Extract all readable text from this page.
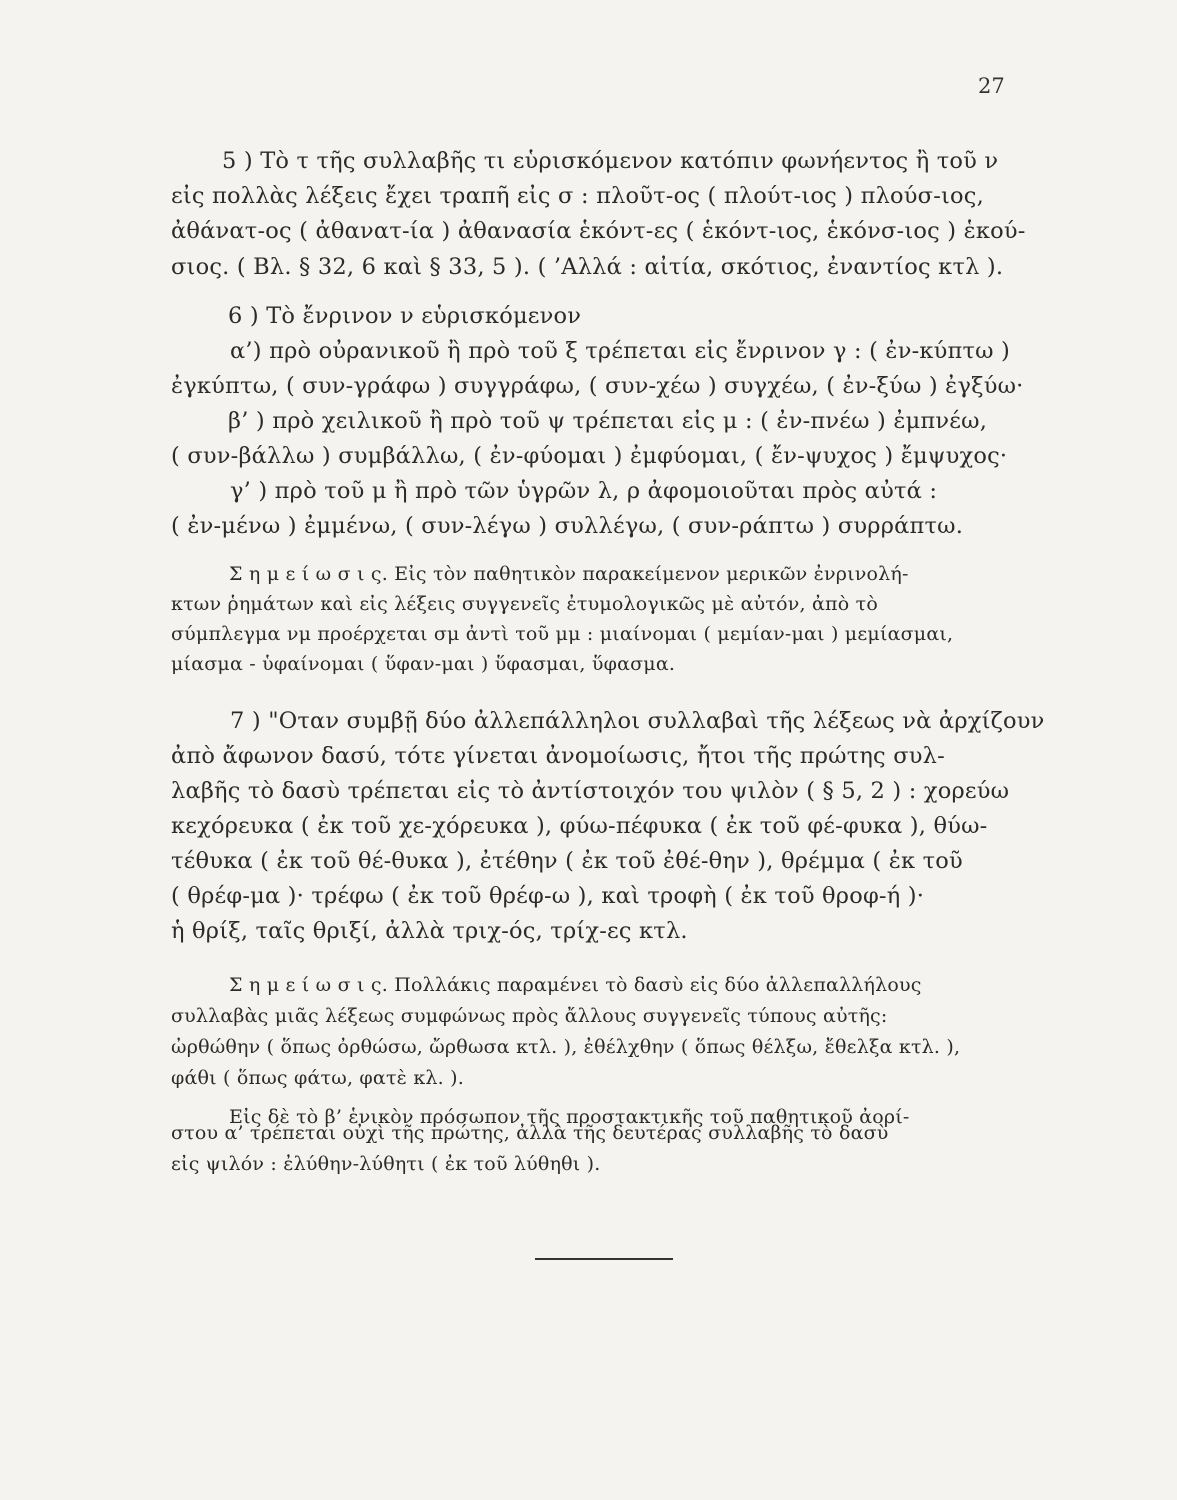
27
5 ) Τὸ τ τῆς συλλαβῆς τι εὑρισκόμενον κατόπιν φωνήεντος ἢ τοῦ ν
εἰς πολλὰς λέξεις ἔχει τραπῆ εἰς σ : πλοῦτ-ος ( πλούτ-ιος ) πλούσ-ιος,
ἀθάνατ-ος ( ἀθανατ-ία ) ἀθανασία ἑκόντ-ες ( ἑκόντ-ιος, ἑκόνσ-ιος ) ἑκού-
σιος. ( Βλ. § 32, 6 καὶ § 33, 5 ). ( ’Αλλά : αἰτία, σκότιος, ἐναντίος κτλ ).
6 ) Τὸ ἔνρινον ν εὑρισκόμενον
α’) πρὸ οὐρανικοῦ ἢ πρὸ τοῦ ξ τρέπεται εἰς ἔνρινον γ : ( ἐν-κύπτω )
ἐγκύπτω, ( συν-γράφω ) συγγράφω, ( συν-χέω ) συγχέω, ( ἐν-ξύω ) ἐγξύω·
β’ ) πρὸ χειλικοῦ ἢ πρὸ τοῦ ψ τρέπεται εἰς μ : ( ἐν-πνέω ) ἐμπνέω,
( συν-βάλλω ) συμβάλλω, ( ἐν-φύομαι ) ἐμφύομαι, ( ἔν-ψυχος ) ἔμψυχος·
γ’ ) πρὸ τοῦ μ ἢ πρὸ τῶν ὑγρῶν λ, ρ ἀφομοιοῦται πρὸς αὐτά :
( ἐν-μένω ) ἐμμένω, ( συν-λέγω ) συλλέγω, ( συν-ράπτω ) συρράπτω.
Σ η μ ε ί ω σ ι ς. Εἰς τὸν παθητικὸν παρακείμενον μερικῶν ἐνρινολή-
κτων ῥημάτων καὶ εἰς λέξεις συγγενεῖς ἐτυμολογικῶς μὲ αὐτόν, ἀπὸ τὸ
σύμπλεγμα νμ προέρχεται σμ ἀντὶ τοῦ μμ : μιαίνομαι ( μεμίαν-μαι ) μεμίασμαι,
μίασμα - ὑφαίνομαι ( ὕφαν-μαι ) ὕφασμαι, ὕφασμα.
7 ) "Οταν συμβῇ δύο ἀλλεπάλληλοι συλλαβαὶ τῆς λέξεως νὰ ἀρχίζουν
ἀπὸ ἄφωνον δασύ, τότε γίνεται ἀνομοίωσις, ἤτοι τῆς πρώτης συλ-
λαβῆς τὸ δασὺ τρέπεται εἰς τὸ ἀντίστοιχόν του ψιλὸν ( § 5, 2 ) : χορεύω
κεχόρευκα ( ἐκ τοῦ χε-χόρευκα ), φύω-πέφυκα ( ἐκ τοῦ φέ-φυκα ), θύω-
τέθυκα ( ἐκ τοῦ θέ-θυκα ), ἐτέθην ( ἐκ τοῦ ἐθέ-θην ), θρέμμα ( ἐκ τοῦ
( θρέφ-μα )· τρέφω ( ἐκ τοῦ θρέφ-ω ), καὶ τροφὴ ( ἐκ τοῦ θροφ-ή )·
ἡ θρίξ, ταῖς θριξί, ἀλλὰ τριχ-ός, τρίχ-ες κτλ.
Σ η μ ε ί ω σ ι ς. Πολλάκις παραμένει τὸ δασὺ εἰς δύο ἀλλεπαλλήλους
συλλαβὰς μιᾶς λέξεως συμφώνως πρὸς ἄλλους συγγενεῖς τύπους αὐτῆς:
ὠρθώθην ( ὅπως ὀρθώσω, ὤρθωσα κτλ. ), ἐθέλχθην ( ὅπως θέλξω, ἔθελξα κτλ. ),
φάθι ( ὅπως φάτω, φατὲ κλ. ).
Εἰς δὲ τὸ β’ ἑνικὸν πρόσωπον τῆς προστακτικῆς τοῦ παθητικοῦ ἀορί-
στου α’ τρέπεται οὐχὶ τῆς πρώτης, ἀλλὰ τῆς δευτέρας συλλαβῆς τὸ δασὺ
εἰς ψιλόν : ἐλύθην-λύθητι ( ἐκ τοῦ λύθηθι ).
